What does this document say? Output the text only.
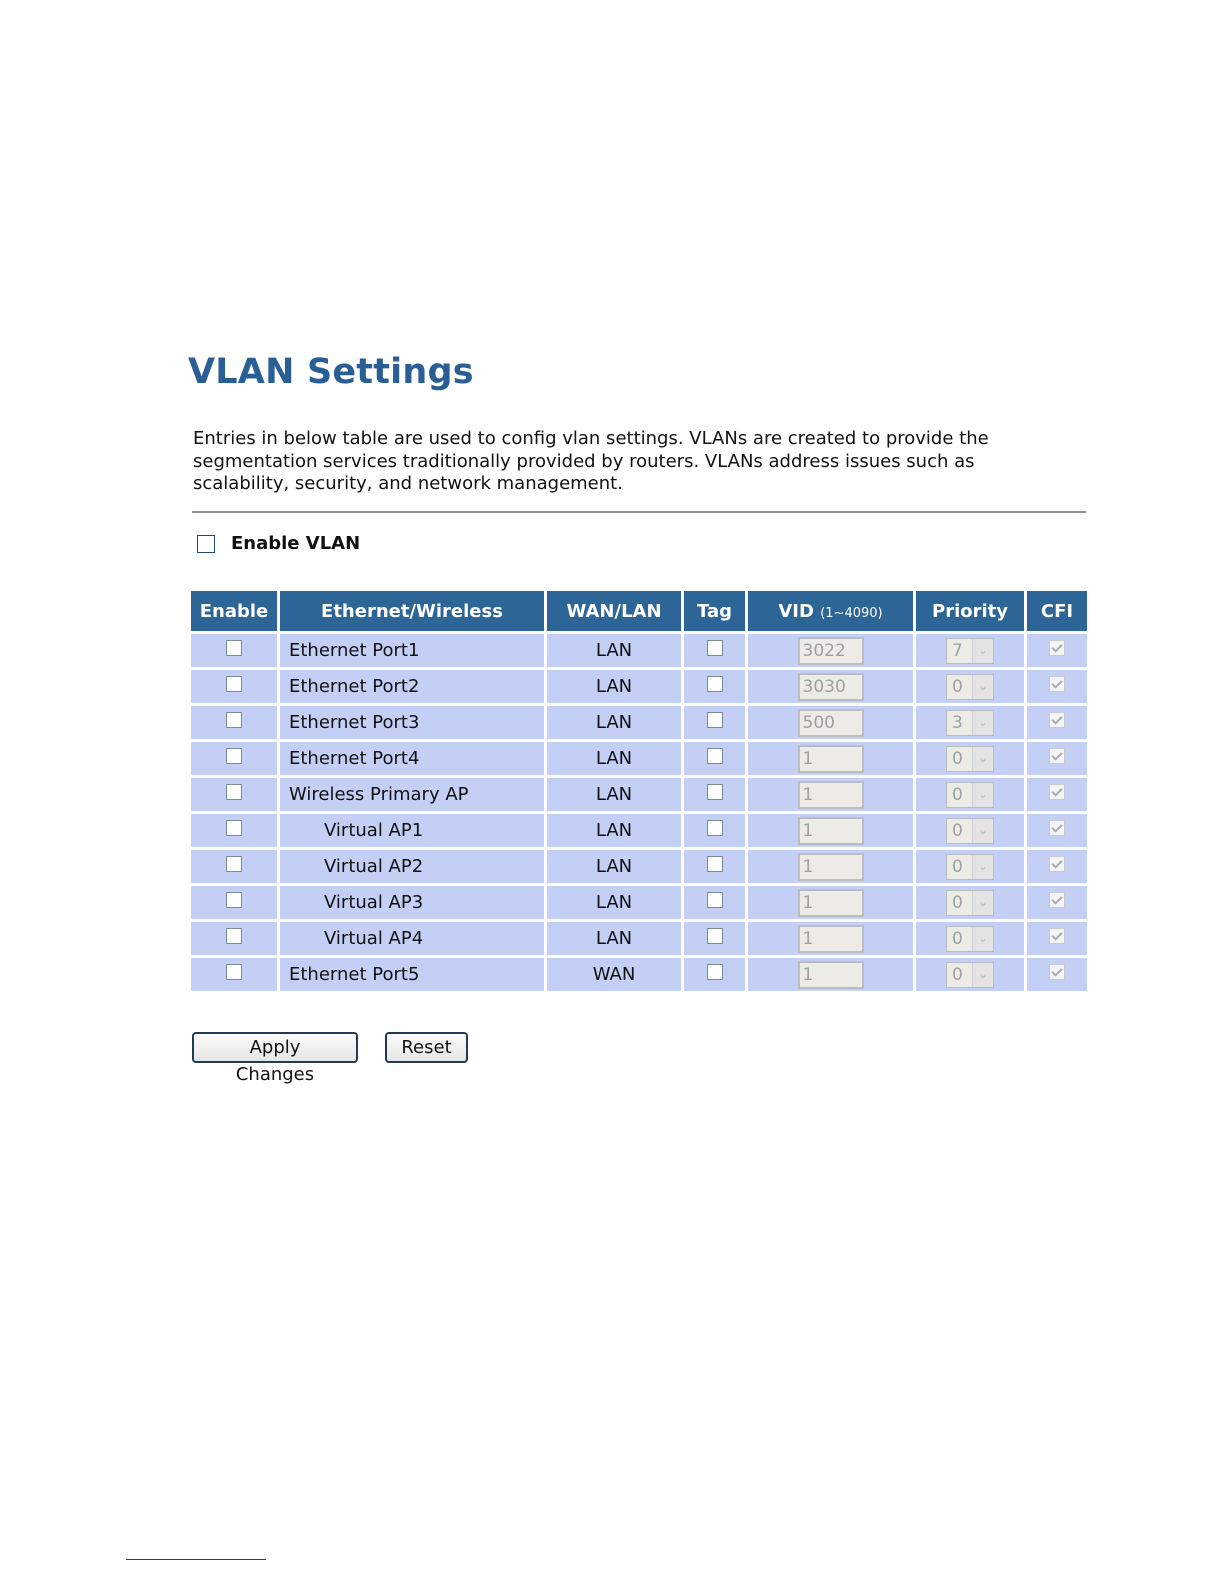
VLAN Settings

Entries in below table are used to config vlan settings. VLANs are created to provide the segmentation services traditionally provided by routers. VLANs address issues such as scalability, security, and network management.

Enable VLAN
Enable	Ethernet/Wireless	WAN/LAN	Tag	VID (1~4090)	Priority	CFI
	Ethernet Port1	LAN		3022	7 ⌄	

	Ethernet Port2	LAN		3030	0 ⌄	

	Ethernet Port3	LAN		500	3 ⌄	

	Ethernet Port4	LAN		1	0 ⌄	

	Wireless Primary AP	LAN		1	0 ⌄	

	Virtual AP1	LAN		1	0 ⌄	

	Virtual AP2	LAN		1	0 ⌄	

	Virtual AP3	LAN		1	0 ⌄	

	Virtual AP4	LAN		1	0 ⌄	

	Ethernet Port5	WAN		1	0 ⌄	

Apply Changes
Reset
